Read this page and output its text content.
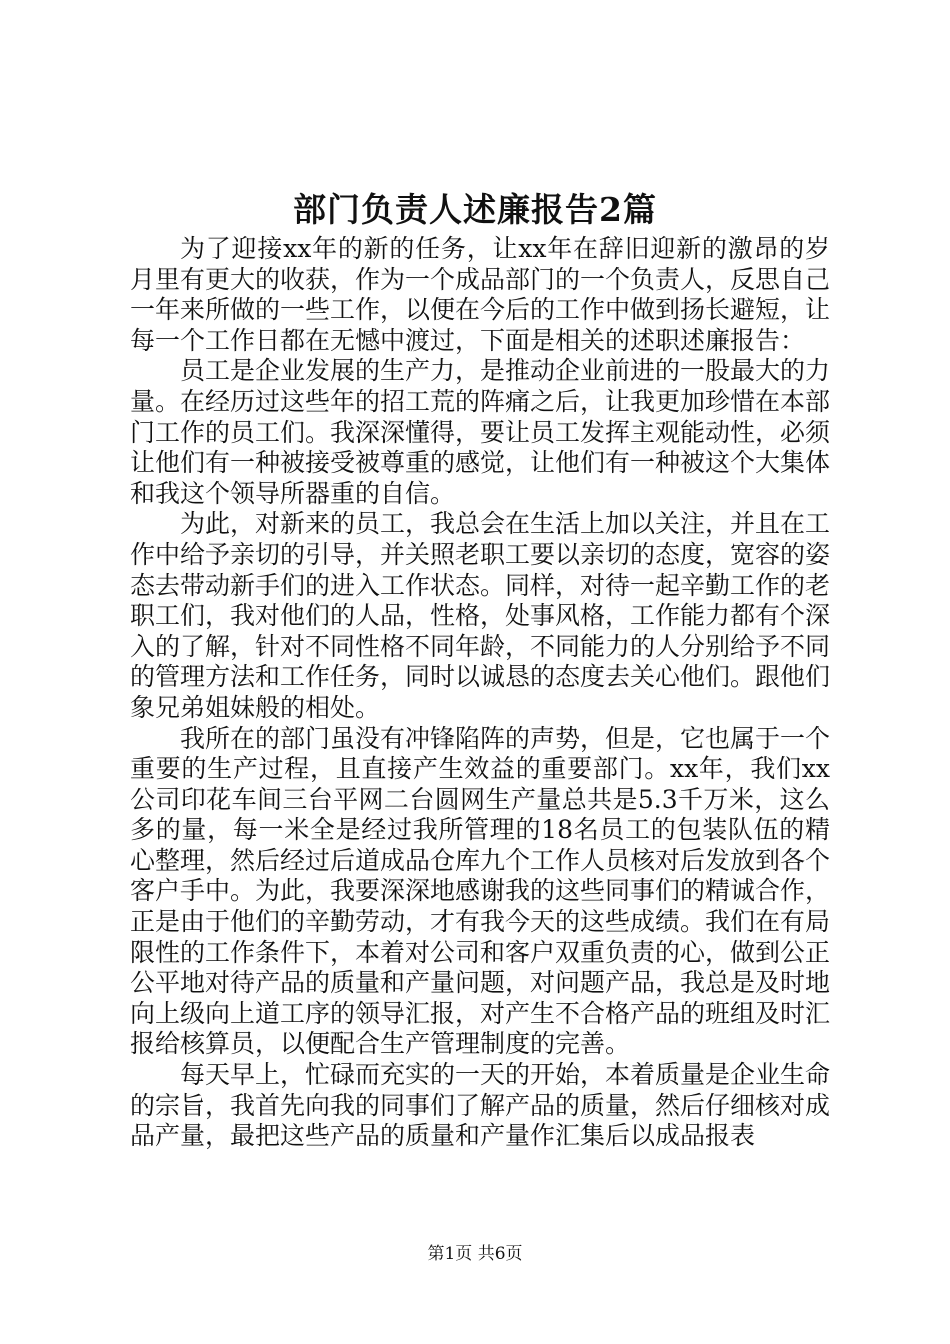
部门负责人述廉报告2篇

为了迎接xx年的新的任务，让xx年在辞旧迎新的激昂的岁月里有更大的收获，作为一个成品部门的一个负责人，反思自己一年来所做的一些工作，以便在今后的工作中做到扬长避短，让每一个工作日都在无憾中渡过，下面是相关的述职述廉报告：

员工是企业发展的生产力，是推动企业前进的一股最大的力量。在经历过这些年的招工荒的阵痛之后，让我更加珍惜在本部门工作的员工们。我深深懂得，要让员工发挥主观能动性，必须让他们有一种被接受被尊重的感觉，让他们有一种被这个大集体和我这个领导所器重的自信。

为此，对新来的员工，我总会在生活上加以关注，并且在工作中给予亲切的引导，并关照老职工要以亲切的态度，宽容的姿态去带动新手们的进入工作状态。同样，对待一起辛勤工作的老职工们，我对他们的人品，性格，处事风格，工作能力都有个深入的了解，针对不同性格不同年龄，不同能力的人分别给予不同的管理方法和工作任务，同时以诚恳的态度去关心他们。跟他们象兄弟姐妹般的相处。

我所在的部门虽没有冲锋陷阵的声势，但是，它也属于一个重要的生产过程，且直接产生效益的重要部门。xx年，我们xx公司印花车间三台平网二台圆网生产量总共是5.3千万米，这么多的量，每一米全是经过我所管理的18名员工的包装队伍的精心整理，然后经过后道成品仓库九个工作人员核对后发放到各个客户手中。为此，我要深深地感谢我的这些同事们的精诚合作，正是由于他们的辛勤劳动，才有我今天的这些成绩。我们在有局限性的工作条件下，本着对公司和客户双重负责的心，做到公正公平地对待产品的质量和产量问题，对问题产品，我总是及时地向上级向上道工序的领导汇报，对产生不合格产品的班组及时汇报给核算员，以便配合生产管理制度的完善。

每天早上，忙碌而充实的一天的开始，本着质量是企业生命的宗旨，我首先向我的同事们了解产品的质量，然后仔细核对成品产量，最把这些产品的质量和产量作汇集后以成品报表

第1页 共6页
